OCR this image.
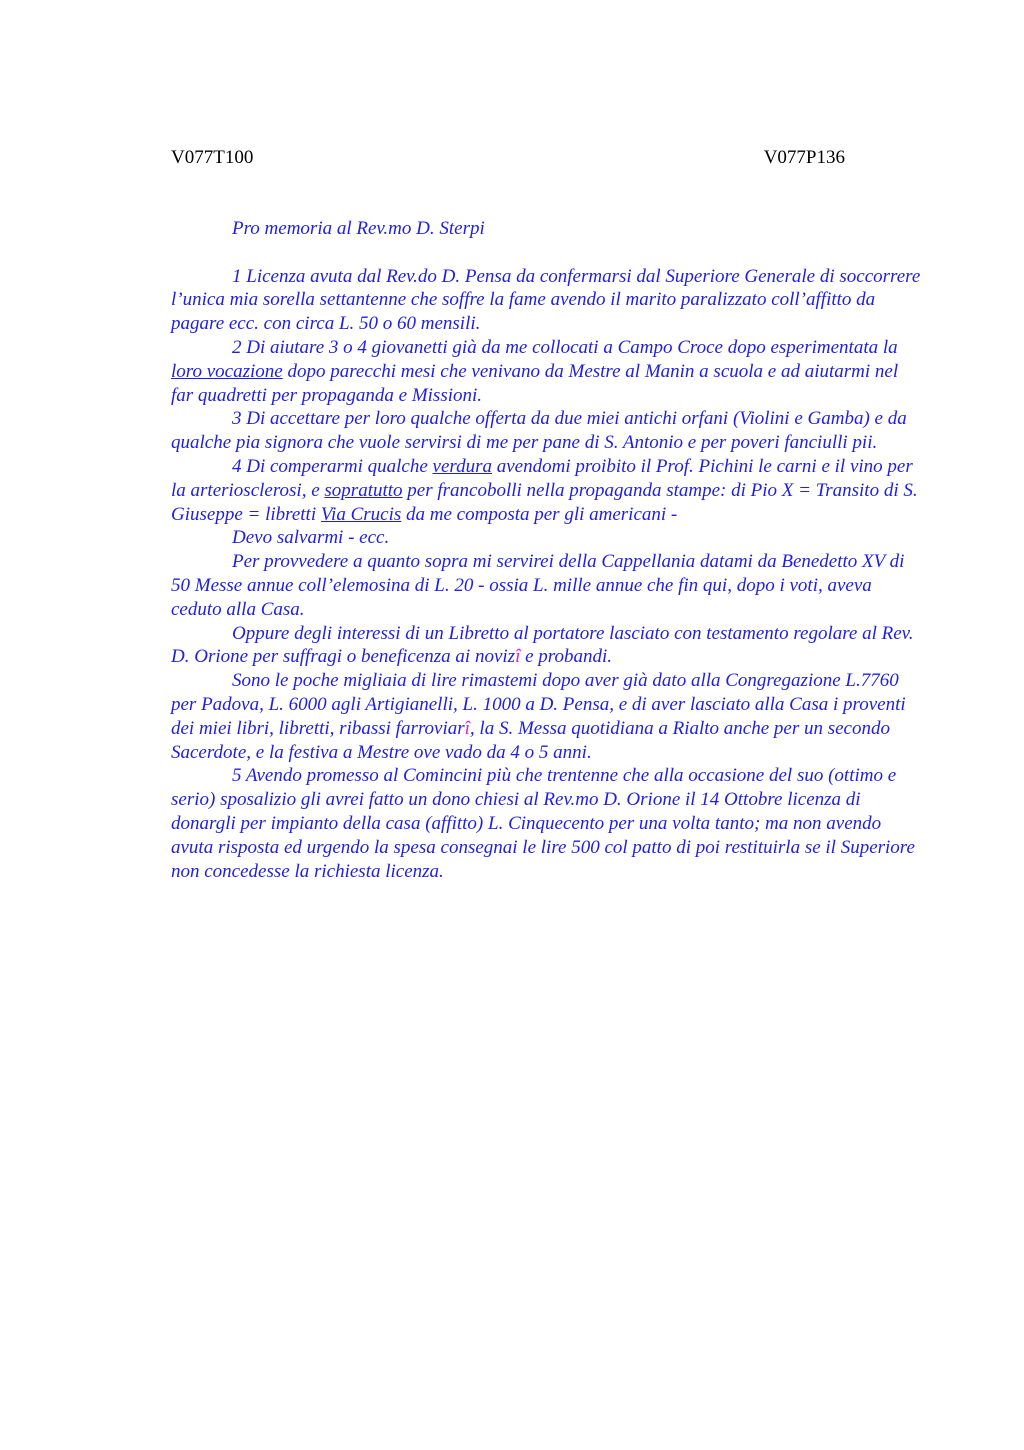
V077T100	V077P136

Pro memoria al Rev.mo D. Sterpi

1 Licenza avuta dal Rev.do D. Pensa da confermarsi dal Superiore Generale di soccorrere l’unica mia sorella settantenne che soffre la fame avendo il marito paralizzato coll’affitto da pagare ecc. con circa L. 50 o 60 mensili.

2 Di aiutare 3 o 4 giovanetti già da me collocati a Campo Croce dopo esperimentata la loro vocazione dopo parecchi mesi che venivano da Mestre al Manin a scuola e ad aiutarmi nel far quadretti per propaganda e Missioni.

3 Di accettare per loro qualche offerta da due miei antichi orfani (Violini e Gamba) e da qualche pia signora che vuole servirsi di me per pane di S. Antonio e per poveri fanciulli pii.

4 Di comperarmi qualche verdura avendomi proibito il Prof. Pichini le carni e il vino per la arteriosclerosi, e sopratutto per francobolli nella propaganda stampe: di Pio X = Transito di S. Giuseppe = libretti Via Crucis da me composta per gli americani -

Devo salvarmi - ecc.

Per provvedere a quanto sopra mi servirei della Cappellania datami da Benedetto XV di 50 Messe annue coll’elemosina di L. 20 - ossia L. mille annue che fin qui, dopo i voti, aveva ceduto alla Casa.

Oppure degli interessi di un Libretto al portatore lasciato con testamento regolare al Rev. D. Orione per suffragi o beneficenza ai novizî e probandi.

Sono le poche migliaia di lire rimastemi dopo aver già dato alla Congregazione L.7760 per Padova, L. 6000 agli Artigianelli, L. 1000 a D. Pensa, e di aver lasciato alla Casa i proventi dei miei libri, libretti, ribassi farroviarî, la S. Messa quotidiana a Rialto anche per un secondo Sacerdote, e la festiva a Mestre ove vado da 4 o 5 anni.

5 Avendo promesso al Comincini più che trentenne che alla occasione del suo (ottimo e serio) sposalizio gli avrei fatto un dono chiesi al Rev.mo D. Orione il 14 Ottobre licenza di donargli per impianto della casa (affitto) L. Cinquecento per una volta tanto; ma non avendo avuta risposta ed urgendo la spesa consegnai le lire 500 col patto di poi restituirla se il Superiore non concedesse la richiesta licenza.
